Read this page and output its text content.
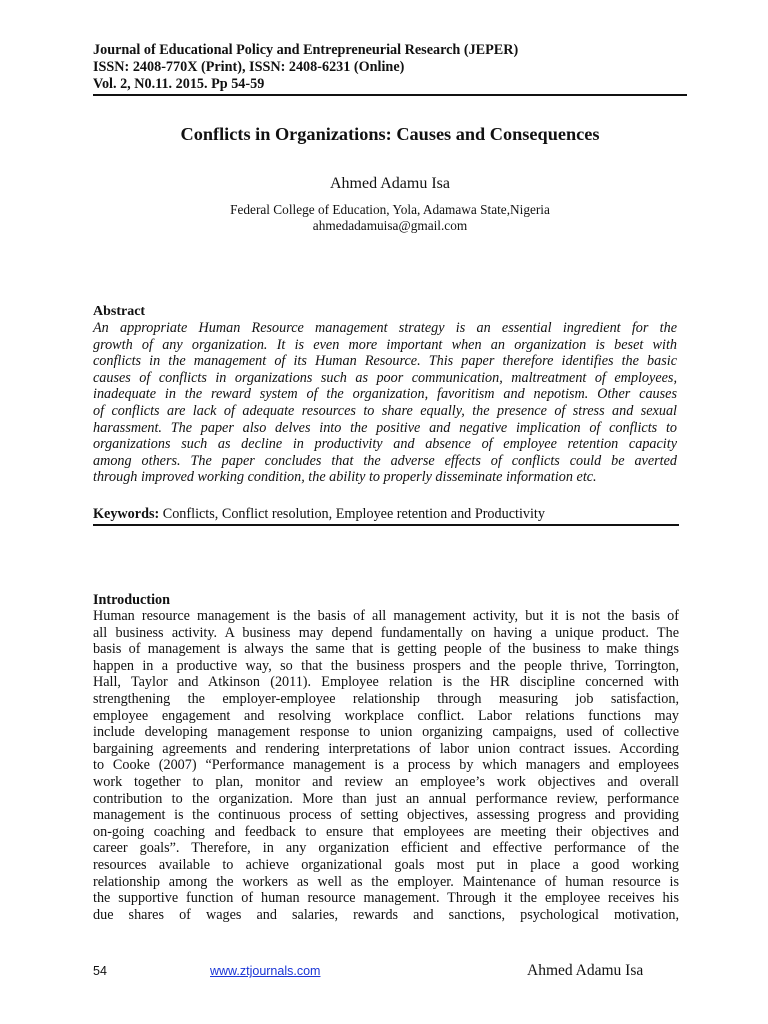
Journal of Educational Policy and Entrepreneurial Research (JEPER)
ISSN: 2408-770X (Print), ISSN: 2408-6231 (Online)
Vol. 2, N0.11. 2015. Pp 54-59
Conflicts in Organizations: Causes and Consequences
Ahmed Adamu Isa
Federal College of Education, Yola, Adamawa State,Nigeria
ahmedadamuisa@gmail.com
Abstract
An appropriate Human Resource management strategy is an essential ingredient for the
growth of any organization. It is even more important when an organization is beset with
conflicts in the management of its Human Resource. This paper therefore identifies the basic
causes of conflicts in organizations such as poor communication, maltreatment of employees,
inadequate in the reward system of the organization, favoritism and nepotism. Other causes
of conflicts are lack of adequate resources to share equally, the presence of stress and sexual
harassment. The paper also delves into the positive and negative implication of conflicts to
organizations such as decline in productivity and absence of employee retention capacity
among others. The paper concludes that the adverse effects of conflicts could be averted
through improved working condition, the ability to properly disseminate information etc.
Keywords: Conflicts, Conflict resolution, Employee retention and Productivity
Introduction
Human resource management is the basis of all management activity, but it is not the basis of
all business activity. A business may depend fundamentally on having a unique product. The
basis of management is always the same that is getting people of the business to make things
happen in a productive way, so that the business prospers and the people thrive, Torrington,
Hall, Taylor and Atkinson (2011). Employee relation is the HR discipline concerned with
strengthening the employer-employee relationship through measuring job satisfaction,
employee engagement and resolving workplace conflict. Labor relations functions may
include developing management response to union organizing campaigns, used of collective
bargaining agreements and rendering interpretations of labor union contract issues. According
to Cooke (2007) “Performance management is a process by which managers and employees
work together to plan, monitor and review an employee’s work objectives and overall
contribution to the organization. More than just an annual performance review, performance
management is the continuous process of setting objectives, assessing progress and providing
on-going coaching and feedback to ensure that employees are meeting their objectives and
career goals”. Therefore, in any organization efficient and effective performance of the
resources available to achieve organizational goals most put in place a good working
relationship among the workers as well as the employer. Maintenance of human resource is
the supportive function of human resource management. Through it the employee receives his
due shares of wages and salaries, rewards and sanctions, psychological motivation,
54	www.ztjournals.com	Ahmed Adamu Isa
